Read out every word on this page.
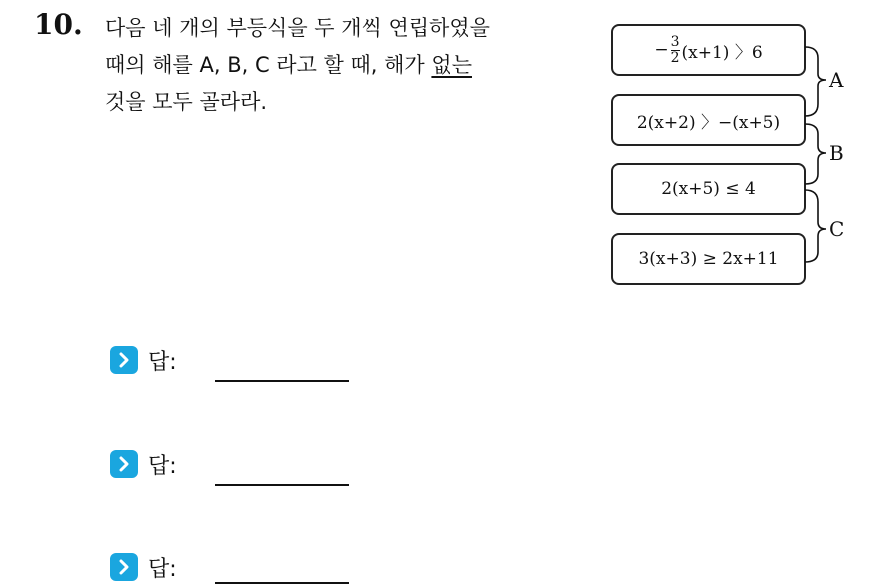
10. 다음 네 개의 부등식을 두 개씩 연립하였을
때의 해를 A, B, C 라고 할 때, 해가 없는
것을 모두 골라라.
− $\frac{3}{2} (x+1)$ 〉6
2(x+2) 〉−(x+5)
2(x+5) ≤ 4
3(x+3) ≥ 2x+11
A
B
C
답:
답:
답:
